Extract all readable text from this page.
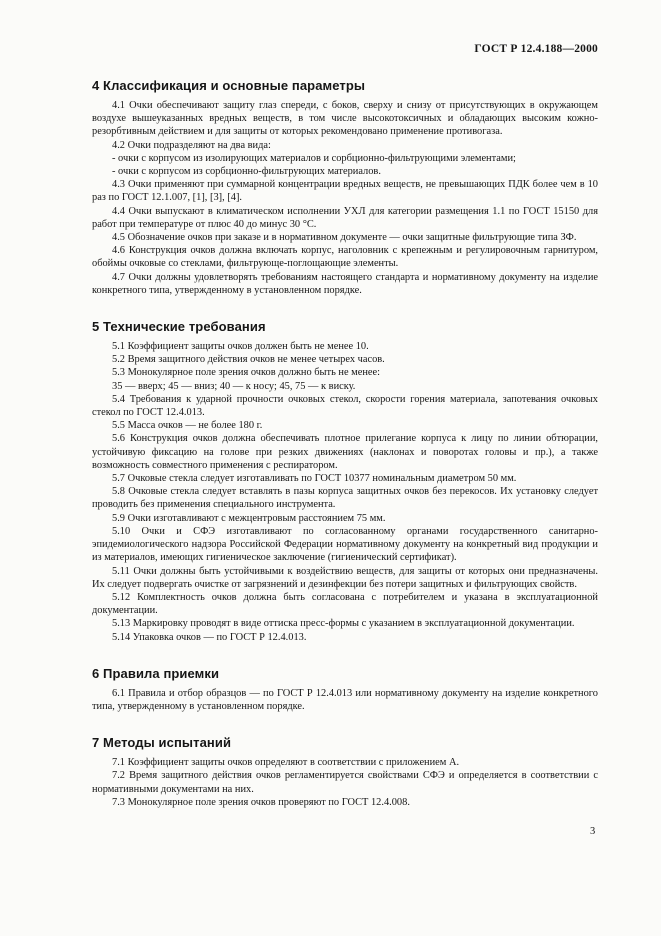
ГОСТ Р 12.4.188—2000
4 Классификация и основные параметры

4.1 Очки обеспечивают защиту глаз спереди, с боков, сверху и снизу от присутствующих в окружающем воздухе вышеуказанных вредных веществ, в том числе высокотоксичных и обладающих высоким кожно-резорбтивным действием и для защиты от которых рекомендовано применение противогаза.

4.2 Очки подразделяют на два вида:

- очки с корпусом из изолирующих материалов и сорбционно-фильтрующими элементами;

- очки с корпусом из сорбционно-фильтрующих материалов.

4.3 Очки применяют при суммарной концентрации вредных веществ, не превышающих ПДК более чем в 10 раз по ГОСТ 12.1.007, [1], [3], [4].

4.4 Очки выпускают в климатическом исполнении УХЛ для категории размещения 1.1 по ГОСТ 15150 для работ при температуре от плюс 40 до минус 30 °С.

4.5 Обозначение очков при заказе и в нормативном документе — очки защитные фильтрующие типа ЗФ.

4.6 Конструкция очков должна включать корпус, наголовник с крепежным и регулировочным гарнитуром, обоймы очковые со стеклами, фильтрующе-поглощающие элементы.

4.7 Очки должны удовлетворять требованиям настоящего стандарта и нормативному документу на изделие конкретного типа, утвержденному в установленном порядке.

5 Технические требования

5.1 Коэффициент защиты очков должен быть не менее 10.

5.2 Время защитного действия очков не менее четырех часов.

5.3 Монокулярное поле зрения очков должно быть не менее:

35 — вверх; 45 — вниз; 40 — к носу; 45, 75 — к виску.

5.4 Требования к ударной прочности очковых стекол, скорости горения материала, запотевания очковых стекол по ГОСТ 12.4.013.

5.5 Масса очков — не более 180 г.

5.6 Конструкция очков должна обеспечивать плотное прилегание корпуса к лицу по линии обтюрации, устойчивую фиксацию на голове при резких движениях (наклонах и поворотах головы и пр.), а также возможность совместного применения с респиратором.

5.7 Очковые стекла следует изготавливать по ГОСТ 10377 номинальным диаметром 50 мм.

5.8 Очковые стекла следует вставлять в пазы корпуса защитных очков без перекосов. Их установку следует проводить без применения специального инструмента.

5.9 Очки изготавливают с межцентровым расстоянием 75 мм.

5.10 Очки и СФЭ изготавливают по согласованному органами государственного санитарно-эпидемиологического надзора Российской Федерации нормативному документу на конкретный вид продукции и из материалов, имеющих гигиеническое заключение (гигиенический сертификат).

5.11 Очки должны быть устойчивыми к воздействию веществ, для защиты от которых они предназначены. Их следует подвергать очистке от загрязнений и дезинфекции без потери защитных и фильтрующих свойств.

5.12 Комплектность очков должна быть согласована с потребителем и указана в эксплуатационной документации.

5.13 Маркировку проводят в виде оттиска пресс-формы с указанием в эксплуатационной документации.

5.14 Упаковка очков — по ГОСТ Р 12.4.013.

6 Правила приемки

6.1 Правила и отбор образцов — по ГОСТ Р 12.4.013 или нормативному документу на изделие конкретного типа, утвержденному в установленном порядке.

7 Методы испытаний

7.1 Коэффициент защиты очков определяют в соответствии с приложением А.

7.2 Время защитного действия очков регламентируется свойствами СФЭ и определяется в соответствии с нормативными документами на них.

7.3 Монокулярное поле зрения очков проверяют по ГОСТ 12.4.008.

3
